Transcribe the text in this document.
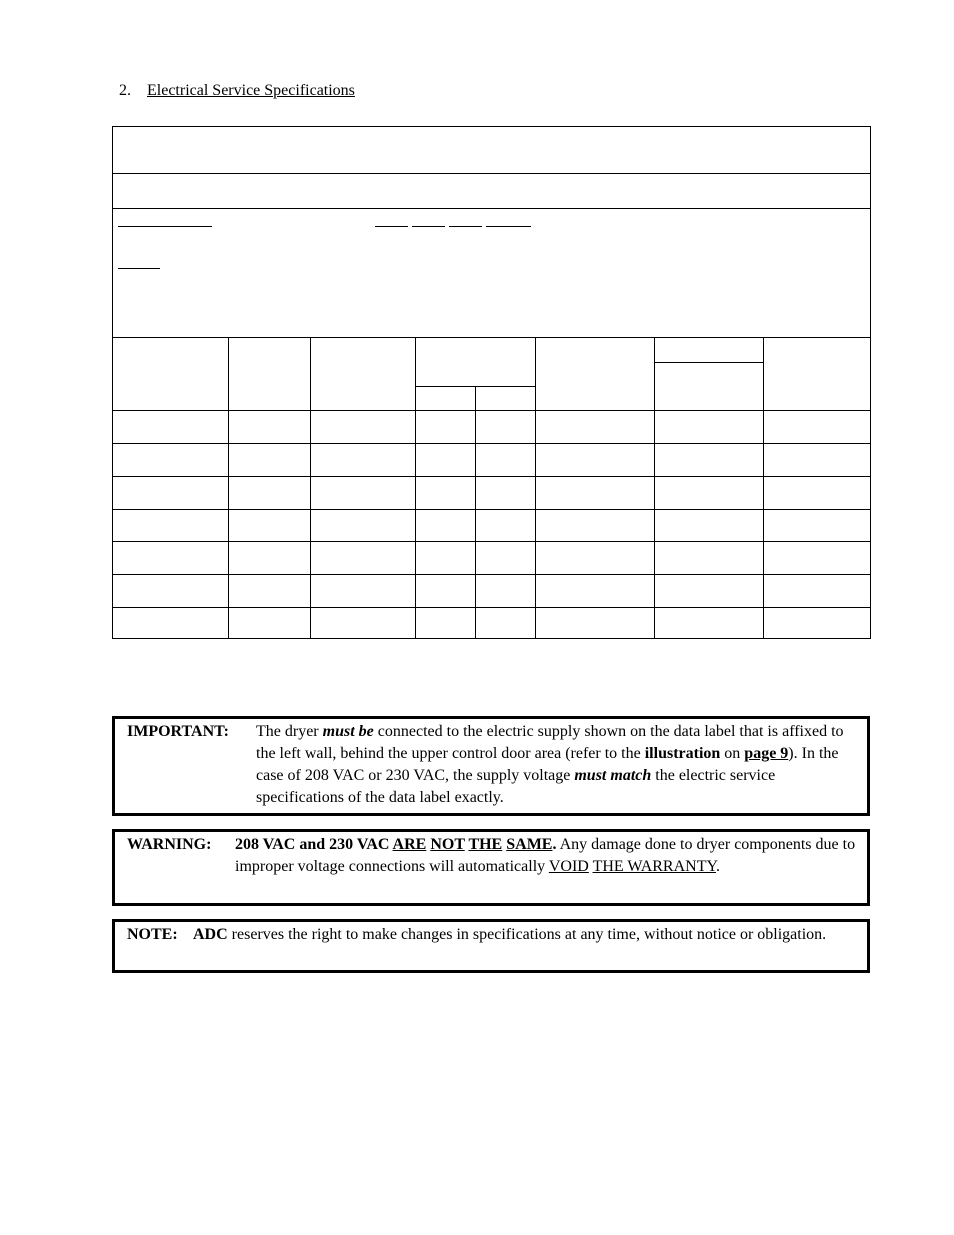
2. Electrical Service Specifications
IMPORTANT: The dryer must be connected to the electric supply shown on the data label that is affixed to the left wall, behind the upper control door area (refer to the illustration on page 9). In the case of 208 VAC or 230 VAC, the supply voltage must match the electric service specifications of the data label exactly.
WARNING: 208 VAC and 230 VAC ARE NOT THE SAME. Any damage done to dryer components due to improper voltage connections will automatically VOID THE WARRANTY.
NOTE: ADC reserves the right to make changes in specifications at any time, without notice or obligation.
